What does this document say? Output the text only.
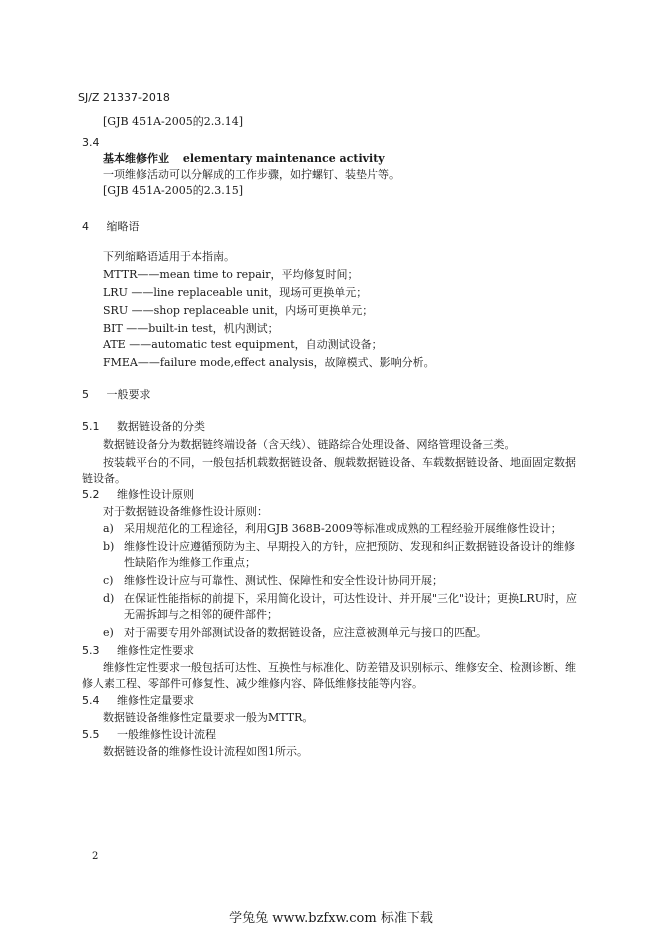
SJ/Z 21337-2018
[GJB 451A-2005的2.3.14]
3.4
基本维修作业 elementary maintenance activity
一项维修活动可以分解成的工作步骤，如拧螺钉、装垫片等。
[GJB 451A-2005的2.3.15]
4 缩略语
下列缩略语适用于本指南。
MTTR——mean time to repair，平均修复时间；
LRU ——line replaceable unit，现场可更换单元；
SRU ——shop replaceable unit，内场可更换单元；
BIT ——built-in test，机内测试；
ATE ——automatic test equipment，自动测试设备；
FMEA——failure mode,effect analysis，故障模式、影响分析。
5 一般要求
5.1 数据链设备的分类
数据链设备分为数据链终端设备（含天线）、链路综合处理设备、网络管理设备三类。
按装载平台的不同，一般包括机载数据链设备、舰载数据链设备、车载数据链设备、地面固定数据
链设备。
5.2 维修性设计原则
对于数据链设备维修性设计原则：
a) 采用规范化的工程途径，利用GJB 368B-2009等标准或成熟的工程经验开展维修性设计；
b) 维修性设计应遵循预防为主、早期投入的方针，应把预防、发现和纠正数据链设备设计的维修
性缺陷作为维修工作重点；
c) 维修性设计应与可靠性、测试性、保障性和安全性设计协同开展；
d) 在保证性能指标的前提下，采用简化设计，可达性设计、并开展"三化"设计；更换LRU时，应
无需拆卸与之相邻的硬件部件；
e) 对于需要专用外部测试设备的数据链设备，应注意被测单元与接口的匹配。
5.3 维修性定性要求
维修性定性要求一般包括可达性、互换性与标准化、防差错及识别标示、维修安全、检测诊断、维
修人素工程、零部件可修复性、减少维修内容、降低维修技能等内容。
5.4 维修性定量要求
数据链设备维修性定量要求一般为MTTR。
5.5 一般维修性设计流程
数据链设备的维修性设计流程如图1所示。
2
学兔兔 www.bzfxw.com 标准下载
